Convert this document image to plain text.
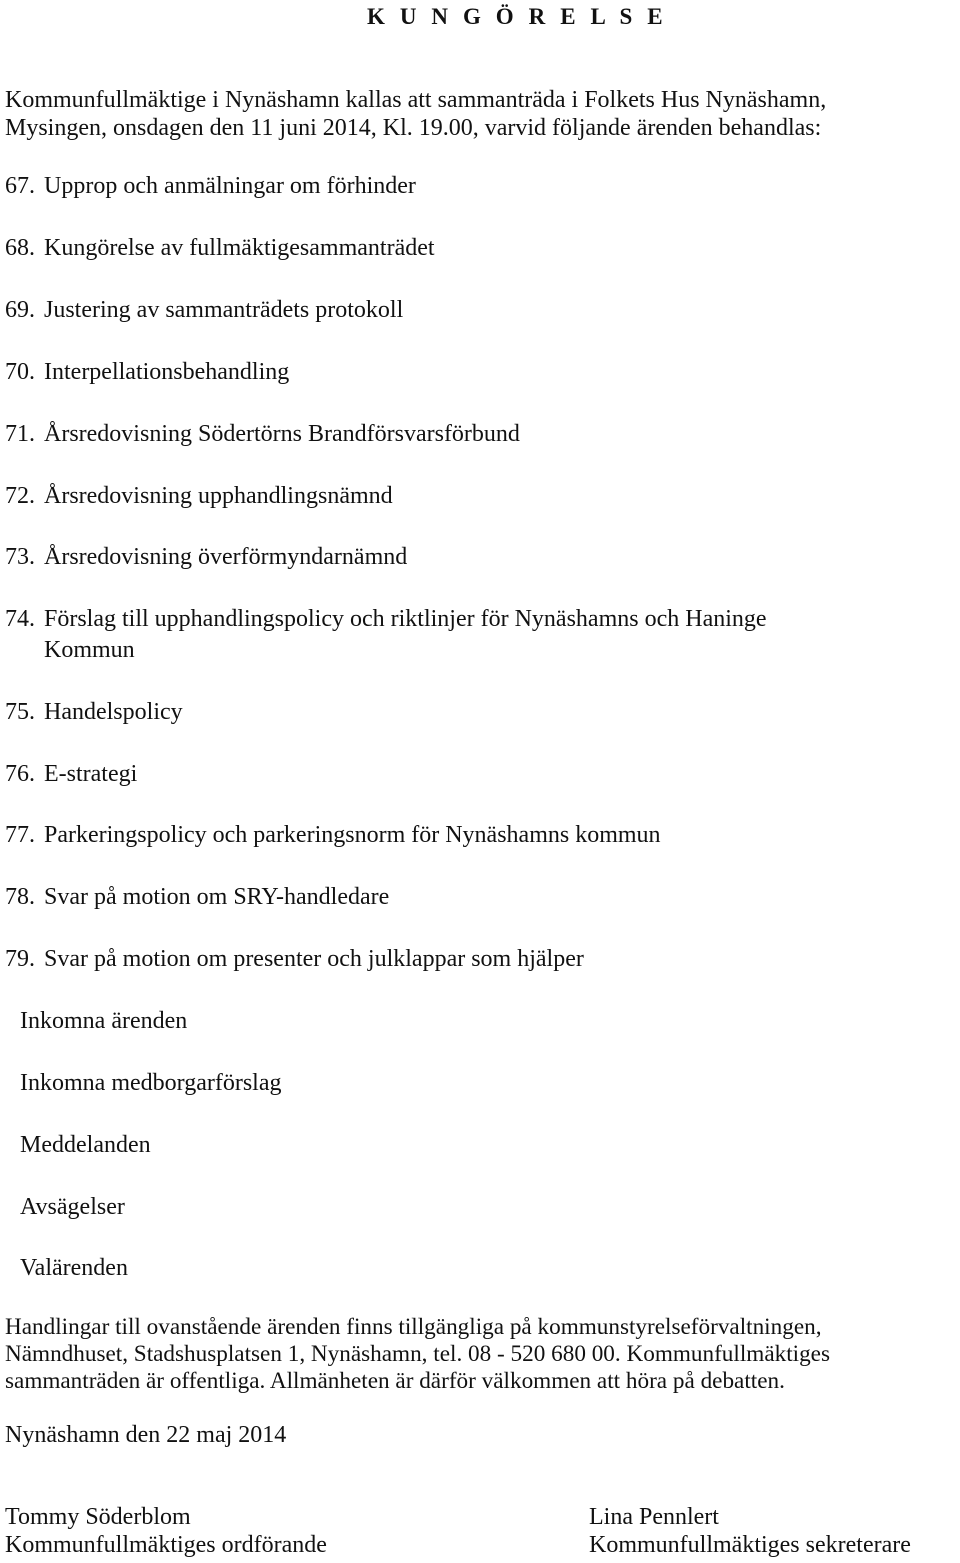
K U N G Ö R E L S E
Kommunfullmäktige i Nynäshamn kallas att sammanträda i Folkets Hus Nynäshamn,
Mysingen, onsdagen den 11 juni 2014, Kl. 19.00, varvid följande ärenden behandlas:
67. Upprop och anmälningar om förhinder
68. Kungörelse av fullmäktigesammanträdet
69. Justering av sammanträdets protokoll
70. Interpellationsbehandling
71. Årsredovisning Södertörns Brandförsvarsförbund
72. Årsredovisning upphandlingsnämnd
73. Årsredovisning överförmyndarnämnd
74. Förslag till upphandlingspolicy och riktlinjer för Nynäshamns och Haninge
Kommun
75. Handelspolicy
76. E-strategi
77. Parkeringspolicy och parkeringsnorm för Nynäshamns kommun
78. Svar på motion om SRY-handledare
79. Svar på motion om presenter och julklappar som hjälper
Inkomna ärenden
Inkomna medborgarförslag
Meddelanden
Avsägelser
Valärenden
Handlingar till ovanstående ärenden finns tillgängliga på kommunstyrelseförvaltningen,
Nämndhuset, Stadshusplatsen 1, Nynäshamn, tel. 08 - 520 680 00. Kommunfullmäktiges
sammanträden är offentliga. Allmänheten är därför välkommen att höra på debatten.
Nynäshamn den 22 maj 2014
Tommy Söderblom
Kommunfullmäktiges ordförande
Lina Pennlert
Kommunfullmäktiges sekreterare
